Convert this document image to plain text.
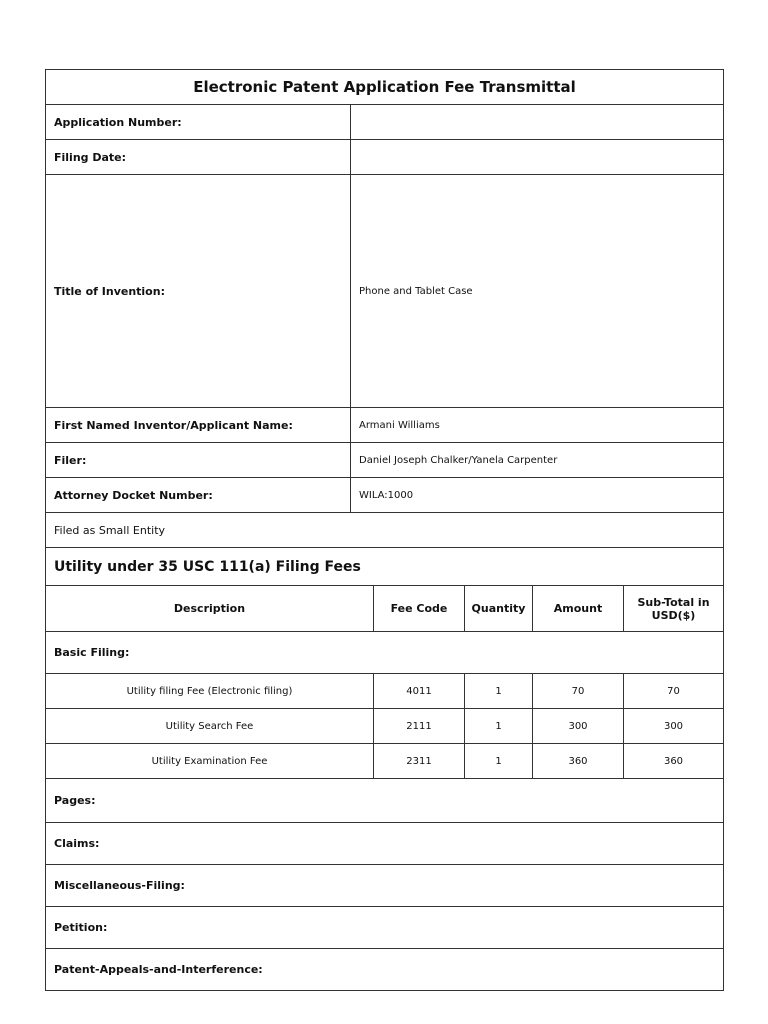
Electronic Patent Application Fee Transmittal
Application Number:
Filing Date:
Title of Invention:	Phone and Tablet Case
First Named Inventor/Applicant Name:	Armani Williams
Filer:	Daniel Joseph Chalker/Yanela Carpenter
Attorney Docket Number:	WILA:1000
Filed as Small Entity
Utility under 35 USC 111(a) Filing Fees
Description	Fee Code	Quantity	Amount	Sub-Total in USD($)
Basic Filing:
Utility filing Fee (Electronic filing)	4011	1	70	70
Utility Search Fee	2111	1	300	300
Utility Examination Fee	2311	1	360	360
Pages:
Claims:
Miscellaneous-Filing:
Petition:
Patent-Appeals-and-Interference:
